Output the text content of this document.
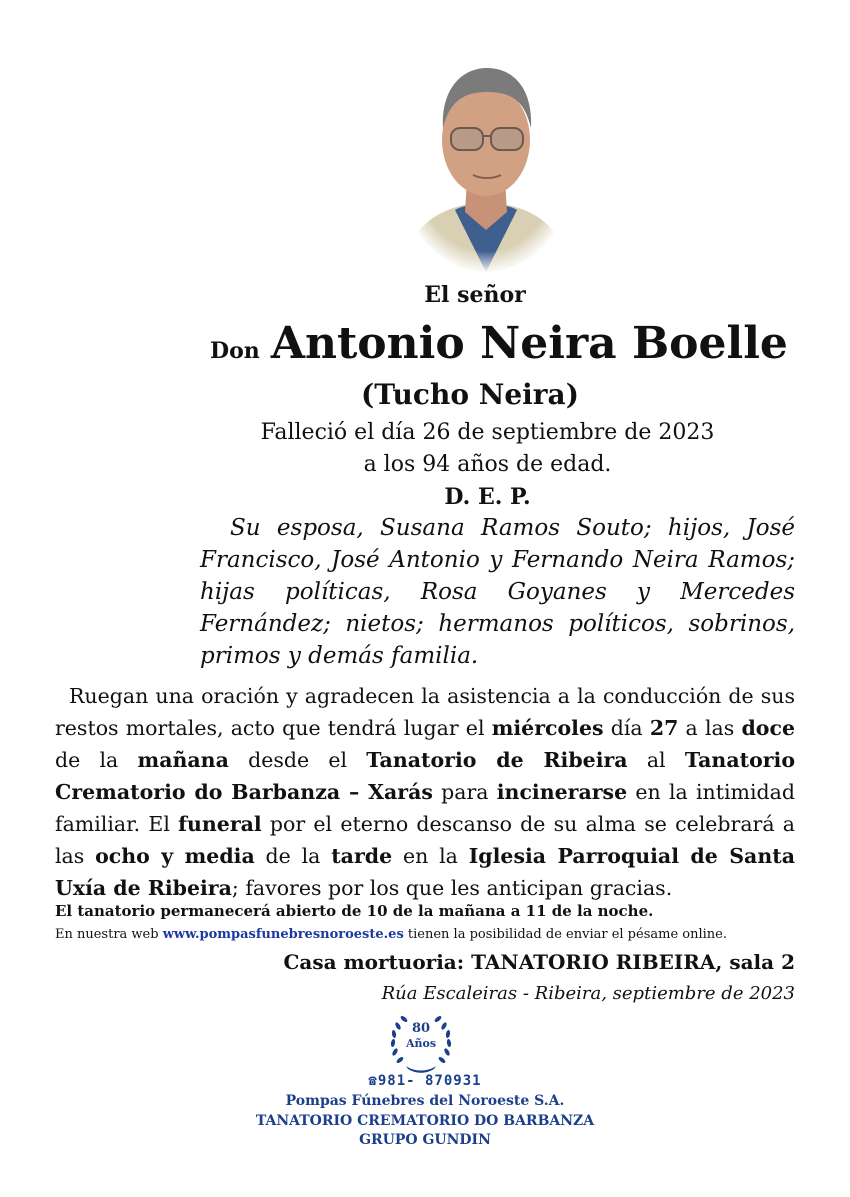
El señor
Don Antonio Neira Boelle
(Tucho Neira)
Falleció el día 26 de septiembre de 2023
a los 94 años de edad.
D. E. P.
Su esposa, Susana Ramos Souto; hijos, José Francisco, José Antonio y Fernando Neira Ramos; hijas políticas, Rosa Goyanes y Mercedes Fernández; nietos; hermanos políticos, sobrinos, primos y demás familia.
Ruegan una oración y agradecen la asistencia a la conducción de sus restos mortales, acto que tendrá lugar el miércoles día 27 a las doce de la mañana desde el Tanatorio de Ribeira al Tanatorio Crematorio do Barbanza – Xarás para incinerarse en la intimidad familiar. El funeral por el eterno descanso de su alma se celebrará a las ocho y media de la tarde en la Iglesia Parroquial de Santa Uxía de Ribeira; favores por los que les anticipan gracias.
El tanatorio permanecerá abierto de 10 de la mañana a 11 de la noche.
En nuestra web www.pompasfunebresnoroeste.es tienen la posibilidad de enviar el pésame online.
Casa mortuoria: TANATORIO RIBEIRA, sala 2
Rúa Escaleiras - Ribeira, septiembre de 2023
80
Años
☎981- 870931
Pompas Fúnebres del Noroeste S.A.
TANATORIO CREMATORIO DO BARBANZA
GRUPO GUNDIN
